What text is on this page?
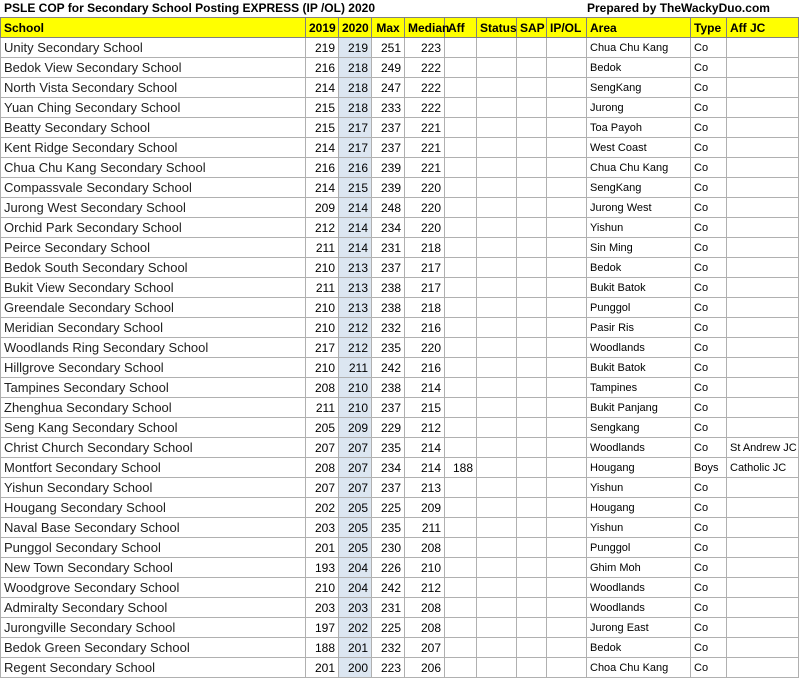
PSLE COP for Secondary School Posting EXPRESS (IP /OL) 2020	Prepared by TheWackyDuo.com
School	2019	2020	Max	Median	Aff	Status	SAP	IP/OL	Area	Type	Aff JC
Unity Secondary School	219	219	251	223					Chua Chu Kang	Co	
Bedok View Secondary School	216	218	249	222					Bedok	Co	
North Vista Secondary School	214	218	247	222					SengKang	Co	
Yuan Ching Secondary School	215	218	233	222					Jurong	Co	
Beatty Secondary School	215	217	237	221					Toa Payoh	Co	
Kent Ridge Secondary School	214	217	237	221					West Coast	Co	
Chua Chu Kang Secondary School	216	216	239	221					Chua Chu Kang	Co	
Compassvale Secondary School	214	215	239	220					SengKang	Co	
Jurong West Secondary School	209	214	248	220					Jurong West	Co	
Orchid Park Secondary School	212	214	234	220					Yishun	Co	
Peirce Secondary School	211	214	231	218					Sin Ming	Co	
Bedok South Secondary School	210	213	237	217					Bedok	Co	
Bukit View Secondary School	211	213	238	217					Bukit Batok	Co	
Greendale Secondary School	210	213	238	218					Punggol	Co	
Meridian Secondary School	210	212	232	216					Pasir Ris	Co	
Woodlands Ring Secondary School	217	212	235	220					Woodlands	Co	
Hillgrove Secondary School	210	211	242	216					Bukit Batok	Co	
Tampines Secondary School	208	210	238	214					Tampines	Co	
Zhenghua Secondary School	211	210	237	215					Bukit Panjang	Co	
Seng Kang Secondary School	205	209	229	212					Sengkang	Co	
Christ Church Secondary School	207	207	235	214					Woodlands	Co	St Andrew JC
Montfort Secondary School	208	207	234	214	188				Hougang	Boys	Catholic JC
Yishun Secondary School	207	207	237	213					Yishun	Co	
Hougang Secondary School	202	205	225	209					Hougang	Co	
Naval Base Secondary School	203	205	235	211					Yishun	Co	
Punggol Secondary School	201	205	230	208					Punggol	Co	
New Town Secondary School	193	204	226	210					Ghim Moh	Co	
Woodgrove Secondary School	210	204	242	212					Woodlands	Co	
Admiralty Secondary School	203	203	231	208					Woodlands	Co	
Jurongville Secondary School	197	202	225	208					Jurong East	Co	
Bedok Green Secondary School	188	201	232	207					Bedok	Co	
Regent Secondary School	201	200	223	206					Choa Chu Kang	Co	
